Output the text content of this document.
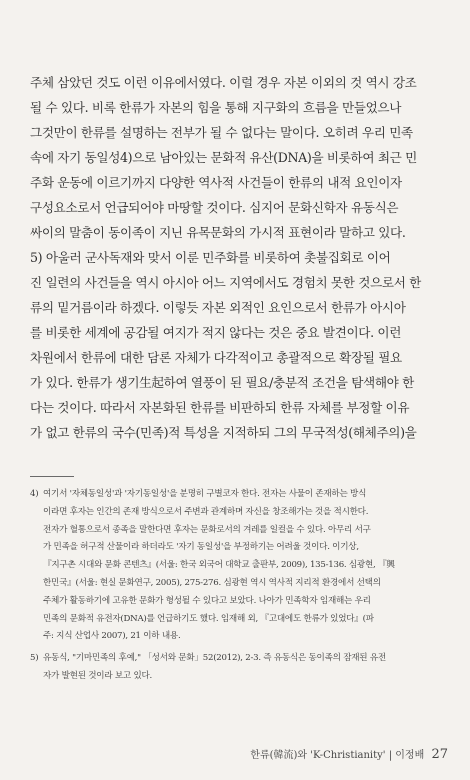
주체 삼았던 것도 이런 이유에서였다. 이럴 경우 자본 이외의 것 역시 강조
될 수 있다. 비록 한류가 자본의 힘을 통해 지구화의 흐름을 만들었으나
그것만이 한류를 설명하는 전부가 될 수 없다는 말이다. 오히려 우리 민족
속에 자기 동일성4)으로 남아있는 문화적 유산(DNA)을 비롯하여 최근 민
주화 운동에 이르기까지 다양한 역사적 사건들이 한류의 내적 요인이자
구성요소로서 언급되어야 마땅할 것이다. 심지어 문화신학자 유동식은
싸이의 말춤이 동이족이 지닌 유목문화의 가시적 표현이라 말하고 있다.
5) 아울러 군사독재와 맞서 이룬 민주화를 비롯하여 촛불집회로 이어
진 일련의 사건들을 역시 아시아 어느 지역에서도 경험치 못한 것으로서 한
류의 밑거름이라 하겠다. 이렇듯 자본 외적인 요인으로서 한류가 아시아
를 비롯한 세계에 공감될 여지가 적지 않다는 것은 중요 발견이다. 이런
차원에서 한류에 대한 담론 자체가 다각적이고 총괄적으로 확장될 필요
가 있다. 한류가 생기生起하여 열풍이 된 필요/충분적 조건을 탐색해야 한
다는 것이다. 따라서 자본화된 한류를 비판하되 한류 자체를 부정할 이유
가 없고 한류의 국수(민족)적 특성을 지적하되 그의 무국적성(해체주의)을
4) 여기서 '자체동일성'과 '자기동일성'을 분명히 구별코자 한다. 전자는 사물이 존재하는 방식
이라면 후자는 인간의 존재 방식으로서 주변과 관계하며 자신을 창조해가는 것을 적시한다.
전자가 혈통으로서 종족을 말한다면 후자는 문화로서의 겨레를 일컬을 수 있다. 아무리 서구
가 민족을 허구적 산물이라 하더라도 '자기 동일성'을 부정하기는 어려울 것이다. 이기상,
『지구촌 시대와 문화 콘텐츠』(서울: 한국 외국어 대학교 출판부, 2009), 135-136. 심광현, 『興
한민국』(서울: 현실 문화연구, 2005), 275-276. 심광현 역시 역사적 지리적 환경에서 선택의
주체가 활동하기에 고유한 문화가 형성될 수 있다고 보았다. 나아가 민족학자 임재해는 우리
민족의 문화적 유전자(DNA)를 언급하기도 했다. 임재해 외, 『고대에도 한류가 있었다』(파
주: 지식 산업사 2007), 21 이하 내용.
5) 유동식, "기마민족의 후예," 「성서와 문화」52(2012), 2-3. 즉 유동식은 동이족의 잠재된 유전
자가 발현된 것이라 보고 있다.
한류(韓流)와 'K-Christianity' | 이정배 27
